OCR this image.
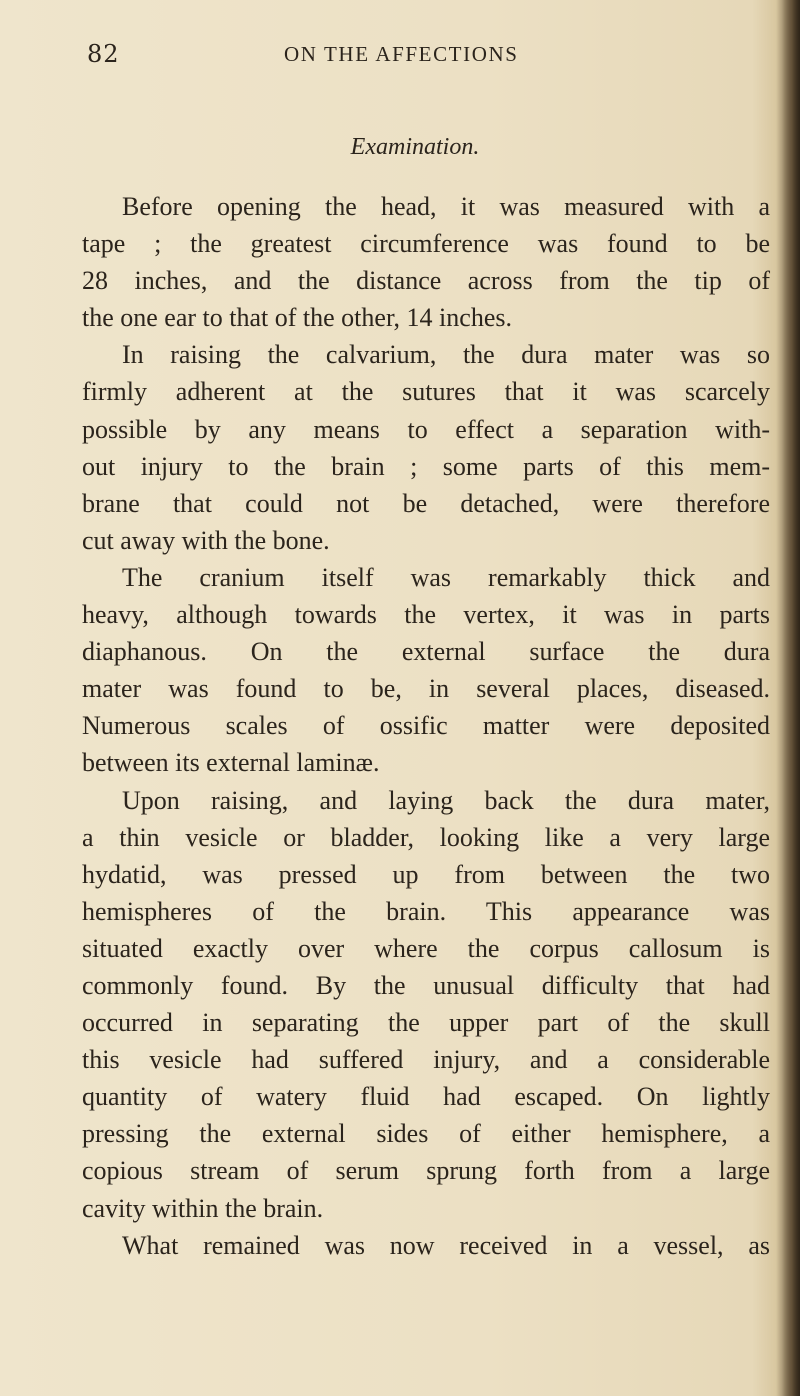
82	ON THE AFFECTIONS
Examination.
Before opening the head, it was measured with a
tape ; the greatest circumference was found to be
28 inches, and the distance across from the tip of
the one ear to that of the other, 14 inches.
In raising the calvarium, the dura mater was so
firmly adherent at the sutures that it was scarcely
possible by any means to effect a separation with-
out injury to the brain ; some parts of this mem-
brane that could not be detached, were therefore
cut away with the bone.
The cranium itself was remarkably thick and
heavy, although towards the vertex, it was in parts
diaphanous. On the external surface the dura
mater was found to be, in several places, diseased.
Numerous scales of ossific matter were deposited
between its external laminæ.
Upon raising, and laying back the dura mater,
a thin vesicle or bladder, looking like a very large
hydatid, was pressed up from between the two
hemispheres of the brain. This appearance was
situated exactly over where the corpus callosum is
commonly found. By the unusual difficulty that had
occurred in separating the upper part of the skull
this vesicle had suffered injury, and a considerable
quantity of watery fluid had escaped. On lightly
pressing the external sides of either hemisphere, a
copious stream of serum sprung forth from a large
cavity within the brain.
What remained was now received in a vessel, as
